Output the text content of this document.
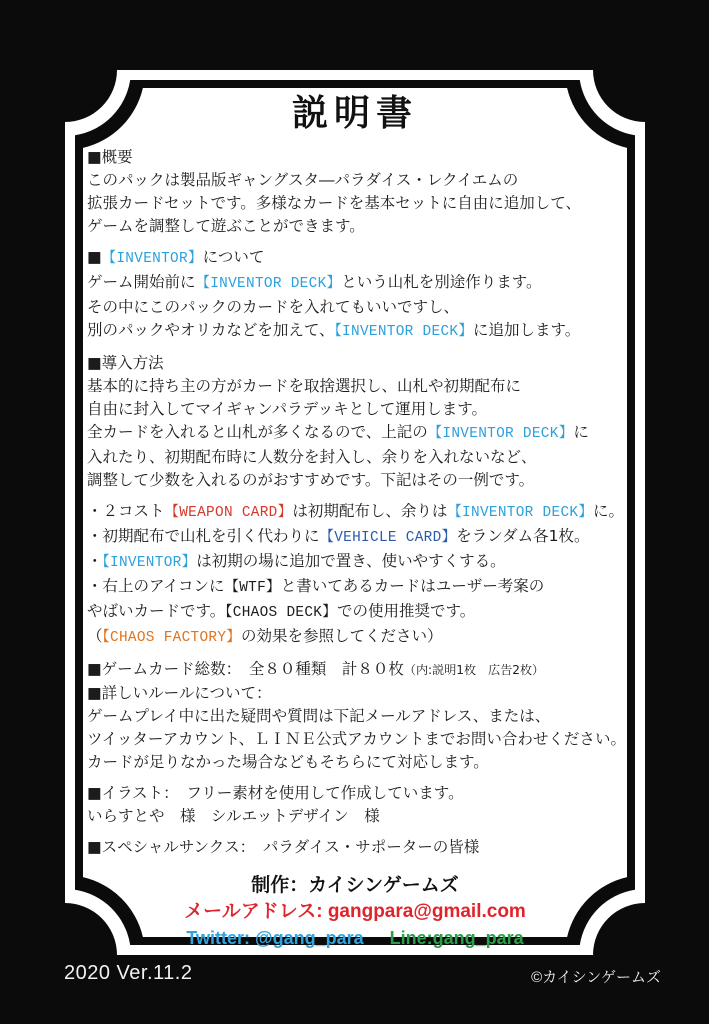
説明書
■概要
このパックは製品版ギャングスタ―パラダイス・レクイエムの
拡張カードセットです。多様なカードを基本セットに自由に追加して、
ゲームを調整して遊ぶことができます。
■【INVENTOR】について
ゲーム開始前に【INVENTOR DECK】という山札を別途作ります。
その中にこのパックのカードを入れてもいいですし、
別のパックやオリカなどを加えて、【INVENTOR DECK】に追加します。
■導入方法
基本的に持ち主の方がカードを取捨選択し、山札や初期配布に
自由に封入してマイギャンパラデッキとして運用します。
全カードを入れると山札が多くなるので、上記の【INVENTOR DECK】に
入れたり、初期配布時に人数分を封入し、余りを入れないなど、
調整して少数を入れるのがおすすめです。下記はその一例です。
・２コスト【WEAPON CARD】は初期配布し、余りは【INVENTOR DECK】に。
・初期配布で山札を引く代わりに【VEHICLE CARD】をランダム各1枚。
・【INVENTOR】は初期の場に追加で置き、使いやすくする。
・右上のアイコンに【WTF】と書いてあるカードはユーザー考案の
やばいカードです。【CHAOS DECK】での使用推奨です。
（【CHAOS FACTORY】の効果を参照してください）
■ゲームカード総数：　全８０種類　計８０枚（内:説明1枚　広告2枚）
■詳しいルールについて：
ゲームプレイ中に出た疑問や質問は下記メールアドレス、または、
ツイッターアカウント、ＬＩＮＥ公式アカウントまでお問い合わせください。
カードが足りなかった場合などもそちらにて対応します。
■イラスト：　フリー素材を使用して作成しています。
いらすとや　様　シルエットデザイン　様
■スペシャルサンクス：　パラダイス・サポーターの皆様
制作：カイシンゲームズ
メールアドレス: gangpara@gmail.com
Twitter: @gang_para Line:gang_para
2020 Ver.11.2	©カイシンゲームズ
